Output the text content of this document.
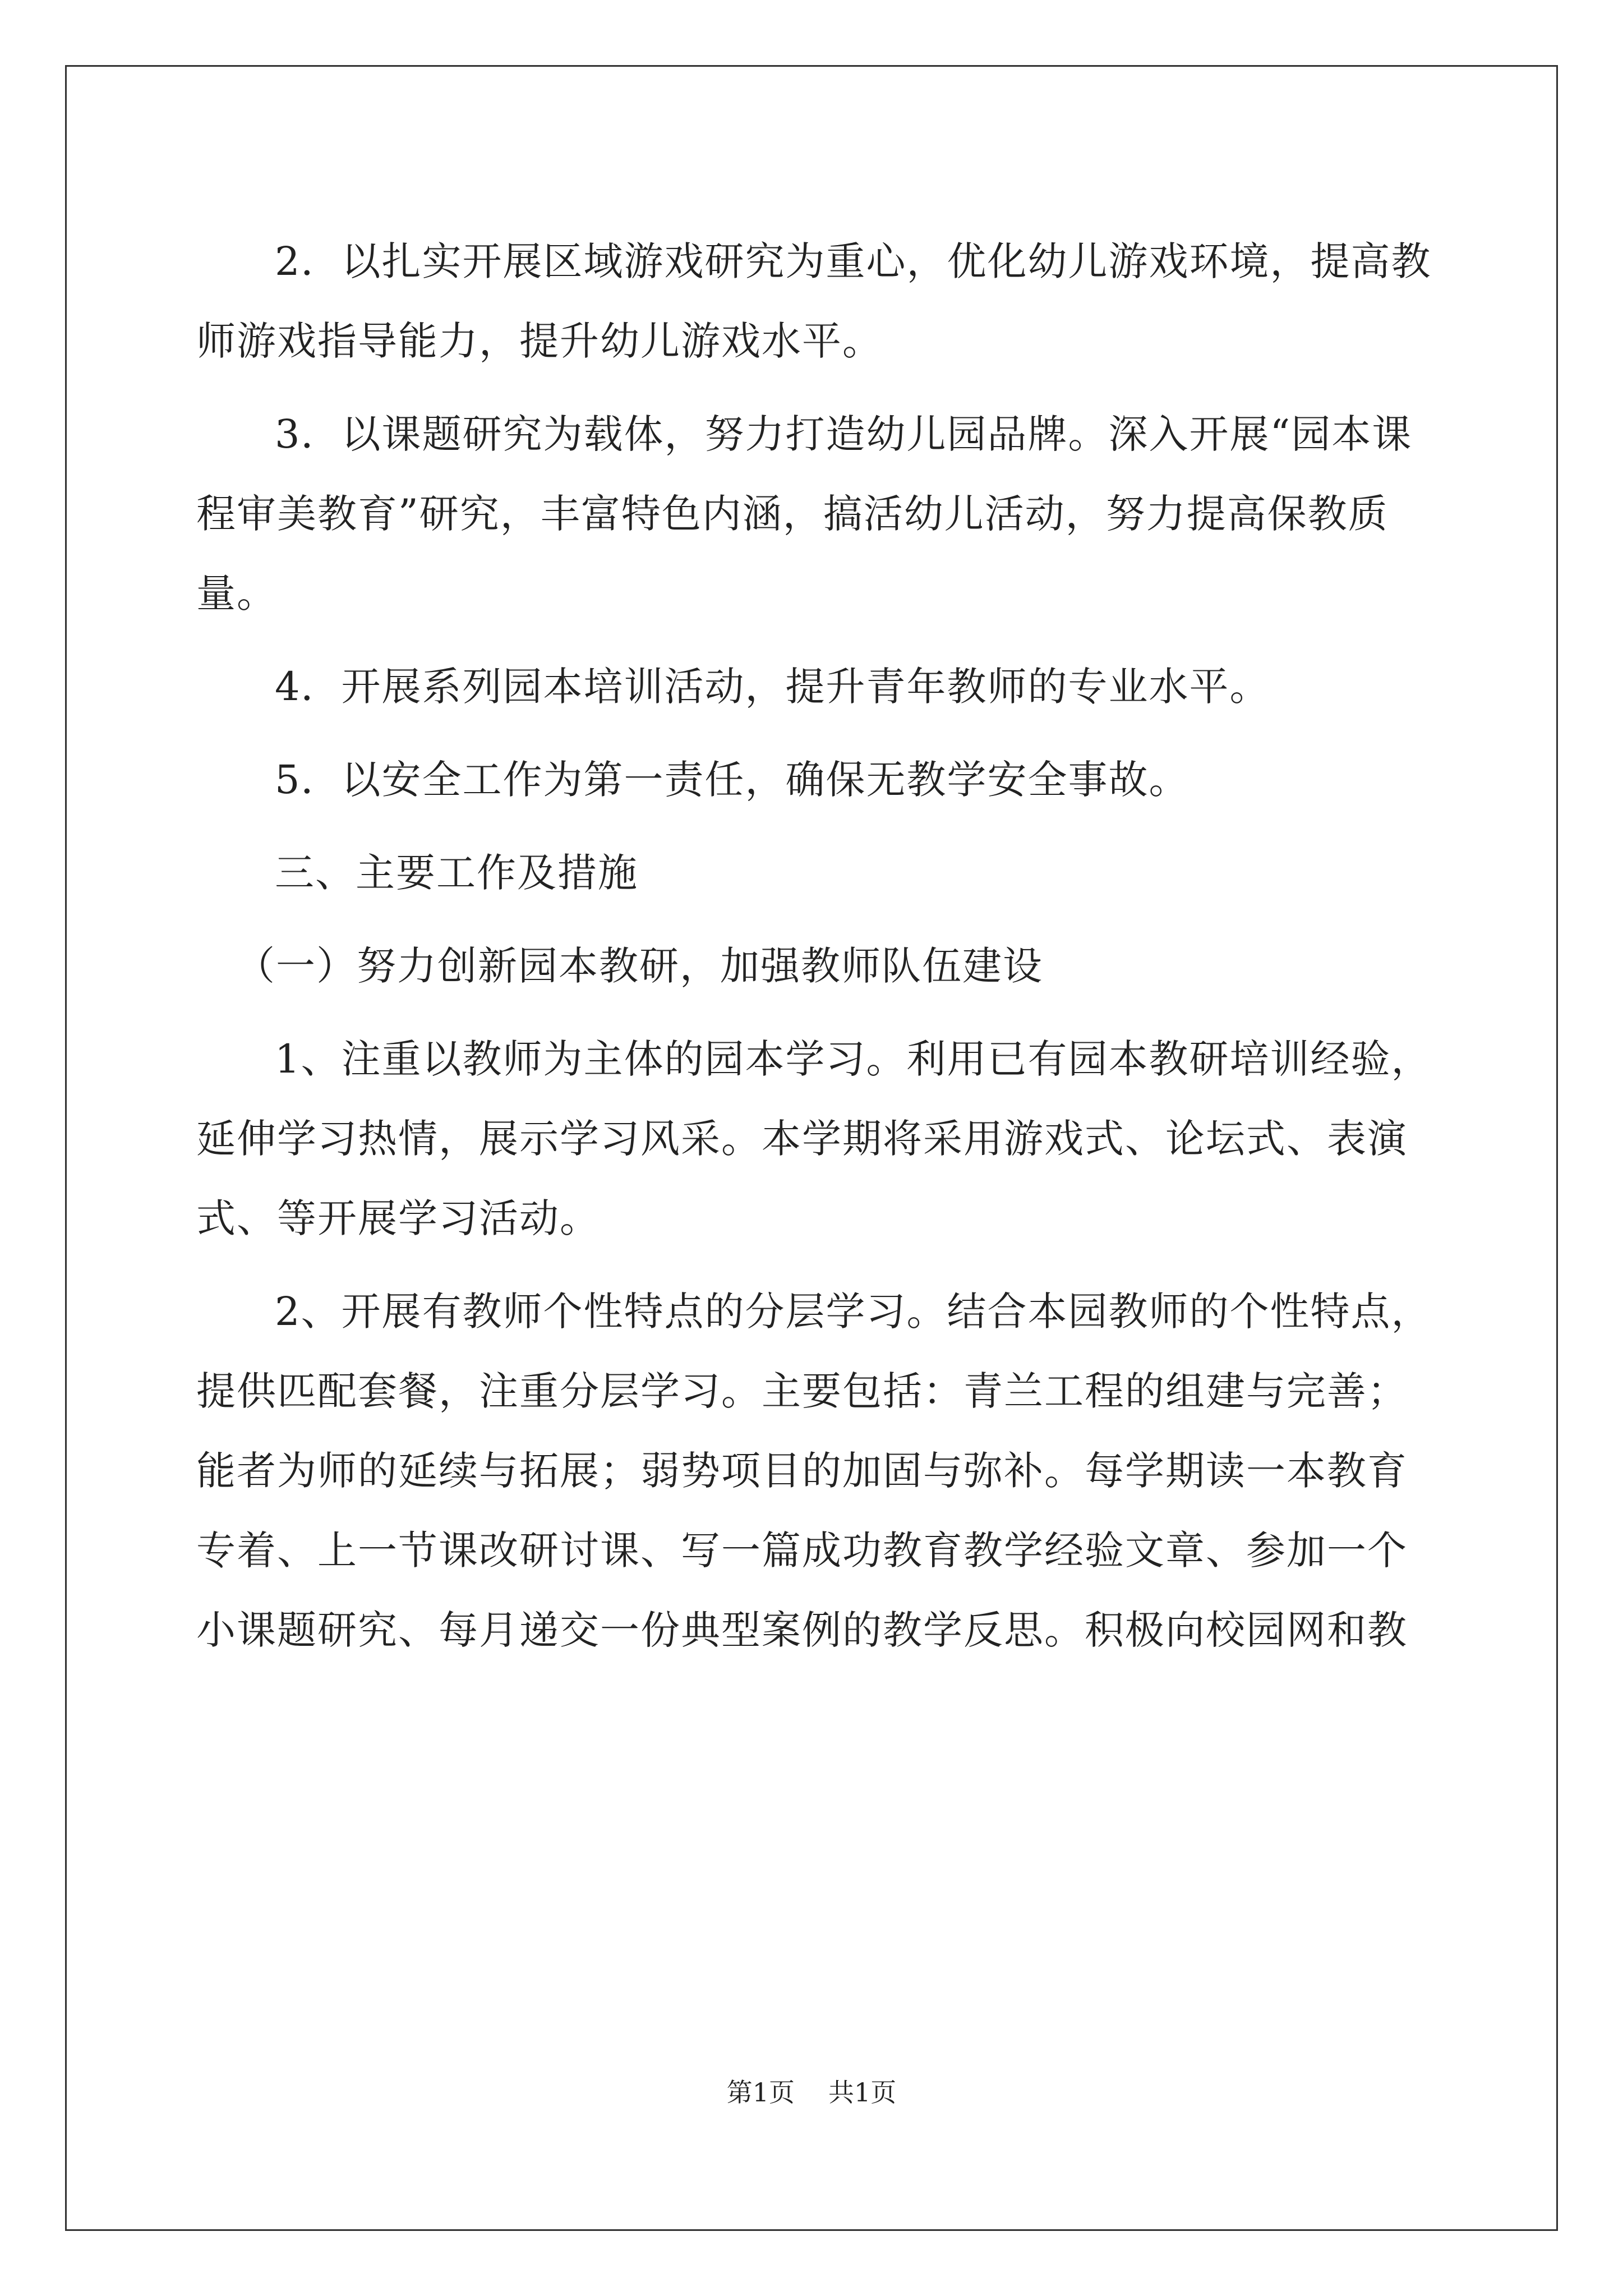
2．以扎实开展区域游戏研究为重心，优化幼儿游戏环境，提高教
师游戏指导能力，提升幼儿游戏水平。

3．以课题研究为载体，努力打造幼儿园品牌。深入开展“园本课
程审美教育”研究，丰富特色内涵，搞活幼儿活动，努力提高保教质
量。

4．开展系列园本培训活动，提升青年教师的专业水平。

5．以安全工作为第一责任，确保无教学安全事故。

三、主要工作及措施
（一）努力创新园本教研，加强教师队伍建设

1、注重以教师为主体的园本学习。利用已有园本教研培训经验，
延伸学习热情，展示学习风采。本学期将采用游戏式、论坛式、表演
式、等开展学习活动。

2、开展有教师个性特点的分层学习。结合本园教师的个性特点，
提供匹配套餐，注重分层学习。主要包括：青兰工程的组建与完善；
能者为师的延续与拓展；弱势项目的加固与弥补。每学期读一本教育
专着、上一节课改研讨课、写一篇成功教育教学经验文章、参加一个
小课题研究、每月递交一份典型案例的教学反思。积极向校园网和教

第1页 共1页
